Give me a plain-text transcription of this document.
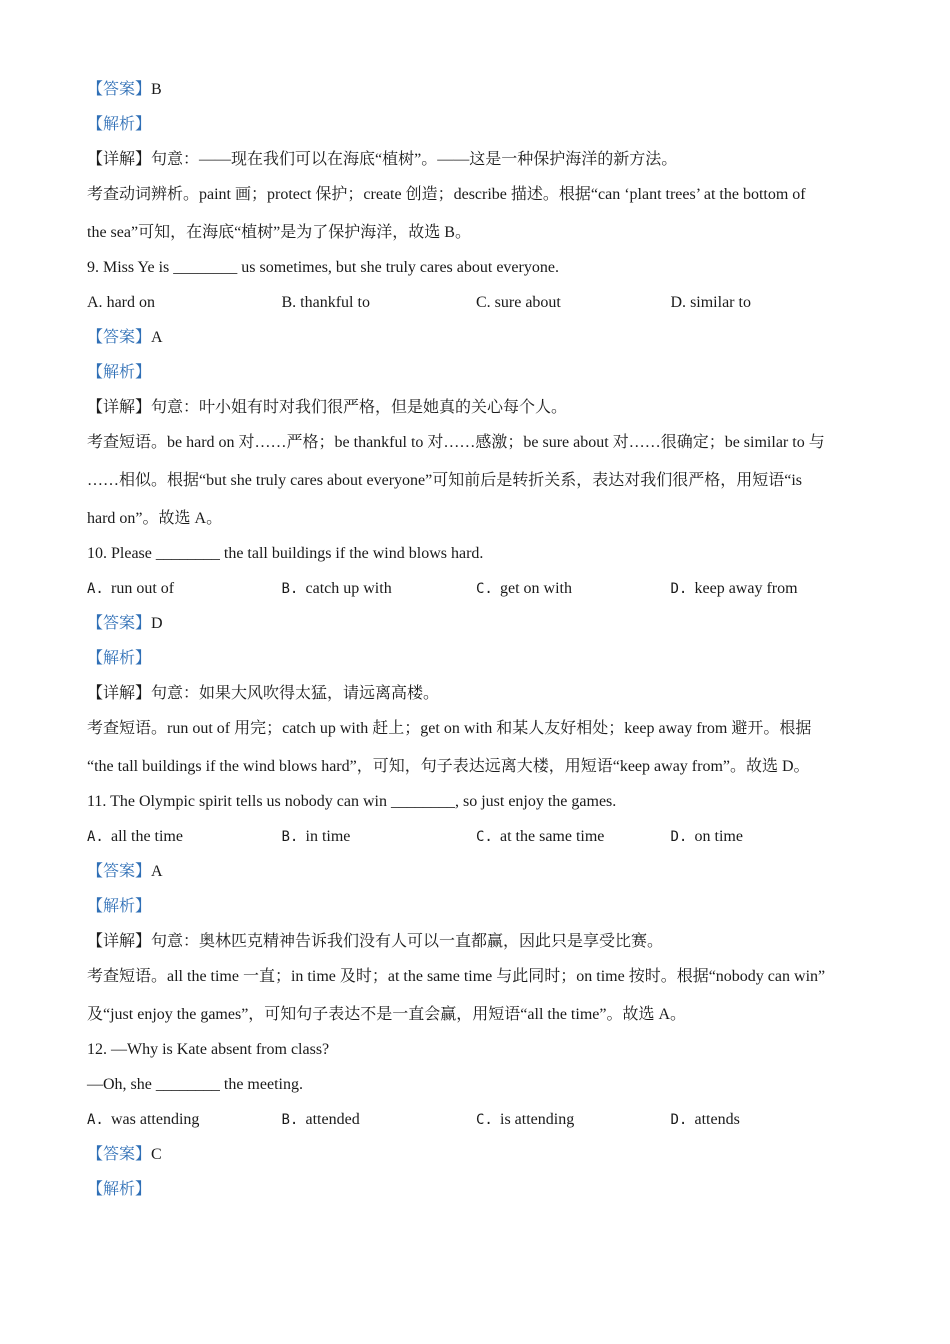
【答案】B

【解析】

【详解】句意：——现在我们可以在海底“植树”。——这是一种保护海洋的新方法。

考查动词辨析。paint 画；protect 保护；create 创造；describe 描述。根据“can ‘plant trees’ at the bottom of

the sea”可知，在海底“植树”是为了保护海洋，故选 B。

9. Miss Ye is ________ us sometimes, but she truly cares about everyone.

A. hard on	B. thankful to	C. sure about	D. similar to

【答案】A

【解析】

【详解】句意：叶小姐有时对我们很严格，但是她真的关心每个人。

考查短语。be hard on 对……严格；be thankful to 对……感激；be sure about 对……很确定；be similar to 与

……相似。根据“but she truly cares about everyone”可知前后是转折关系，表达对我们很严格，用短语“is

hard on”。故选 A。

10. Please ________ the tall buildings if the wind blows hard.

A. run out of	B. catch up with	C. get on with	D. keep away from

【答案】D

【解析】

【详解】句意：如果大风吹得太猛，请远离高楼。

考查短语。run out of 用完；catch up with 赶上；get on with 和某人友好相处；keep away from 避开。根据

“the tall buildings if the wind blows hard”，可知，句子表达远离大楼，用短语“keep away from”。故选 D。

11. The Olympic spirit tells us nobody can win ________, so just enjoy the games.

A. all the time	B. in time	C. at the same time	D. on time

【答案】A

【解析】

【详解】句意：奥林匹克精神告诉我们没有人可以一直都赢，因此只是享受比赛。

考查短语。all the time 一直；in time 及时；at the same time 与此同时；on time 按时。根据“nobody can win”

及“just enjoy the games”，可知句子表达不是一直会赢，用短语“all the time”。故选 A。

12. —Why is Kate absent from class?

—Oh, she ________ the meeting.

A. was attending	B. attended	C. is attending	D. attends

【答案】C

【解析】
